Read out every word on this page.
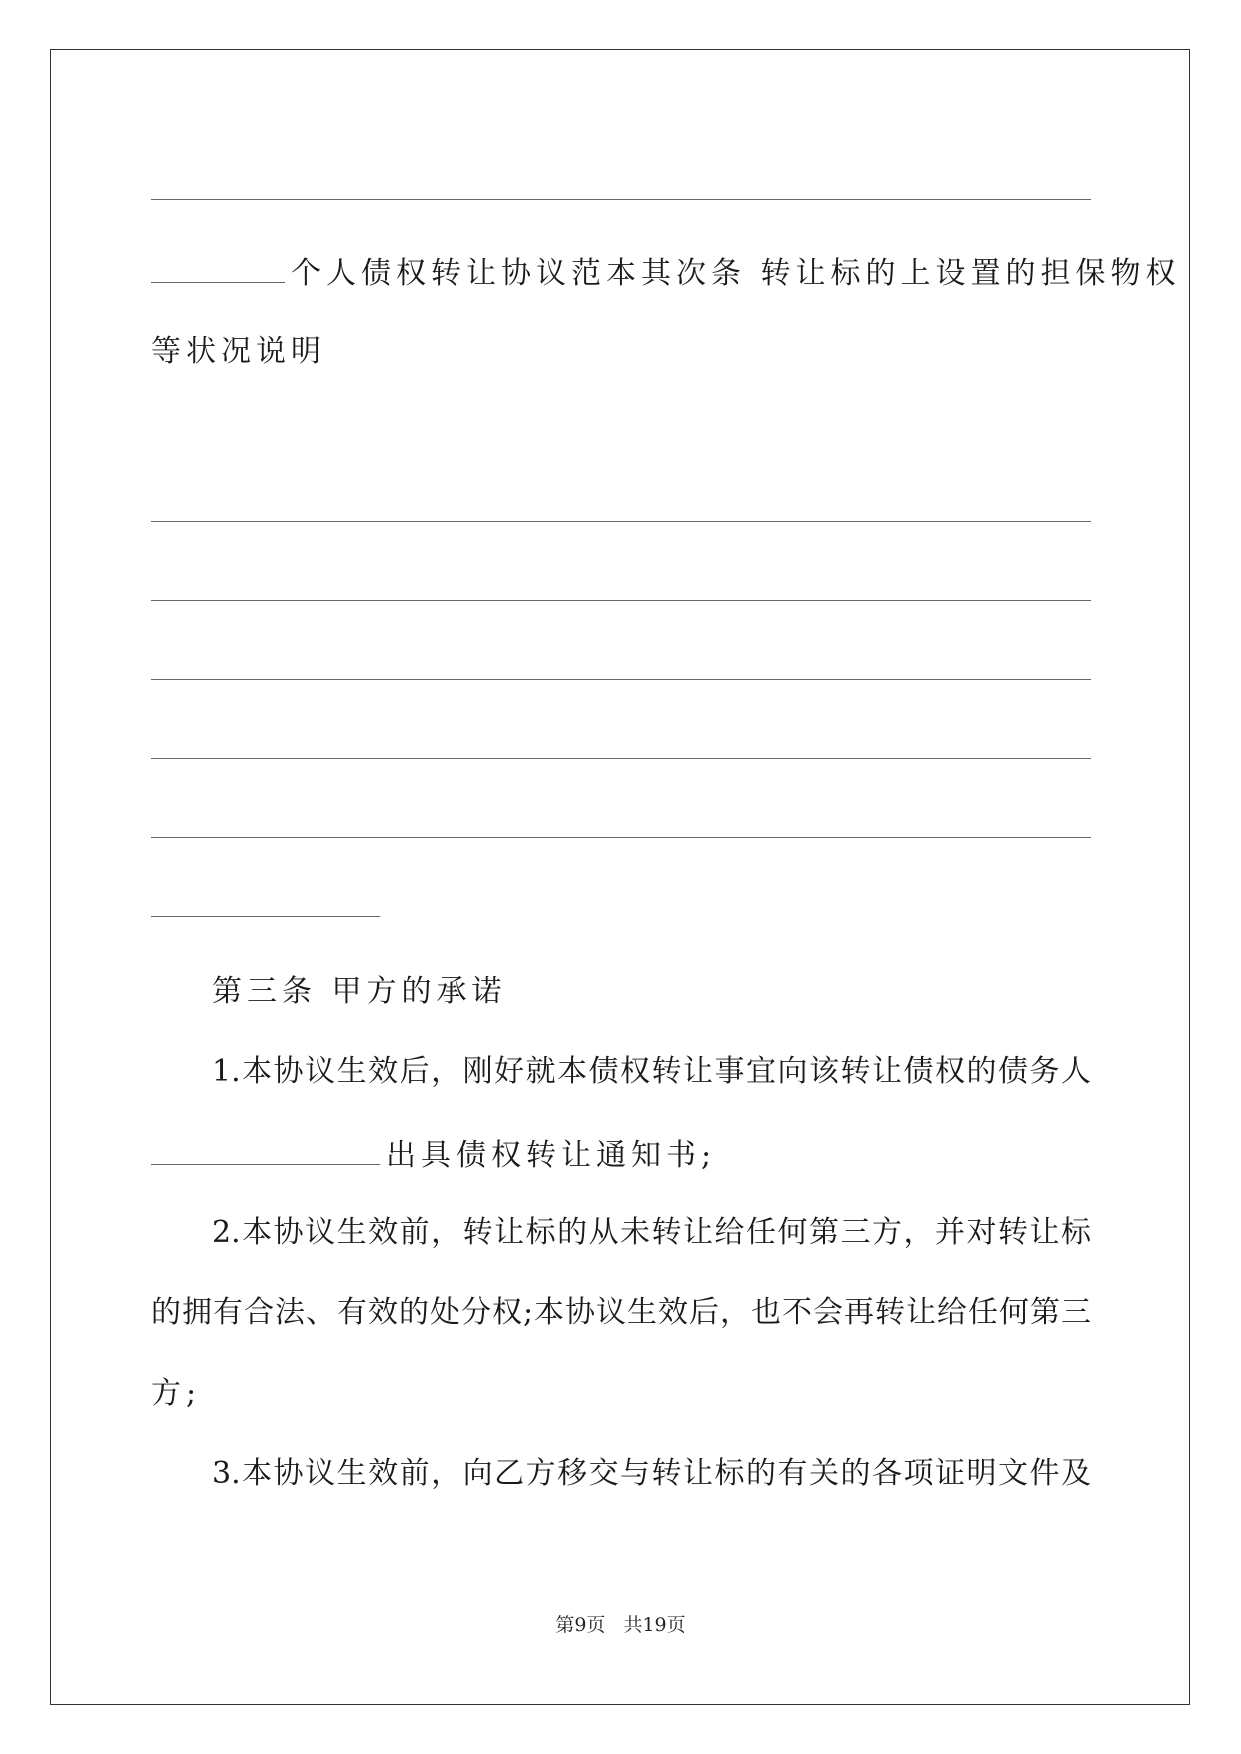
个人债权转让协议范本其次条 转让标的上设置的担保物权
等状况说明
第三条 甲方的承诺
1.本协议生效后，刚好就本债权转让事宜向该转让债权的债务人
出具债权转让通知书;
2.本协议生效前，转让标的从未转让给任何第三方，并对转让标
的拥有合法、有效的处分权;本协议生效后，也不会再转让给任何第三
方;
3.本协议生效前，向乙方移交与转让标的有关的各项证明文件及
第9页 共19页
